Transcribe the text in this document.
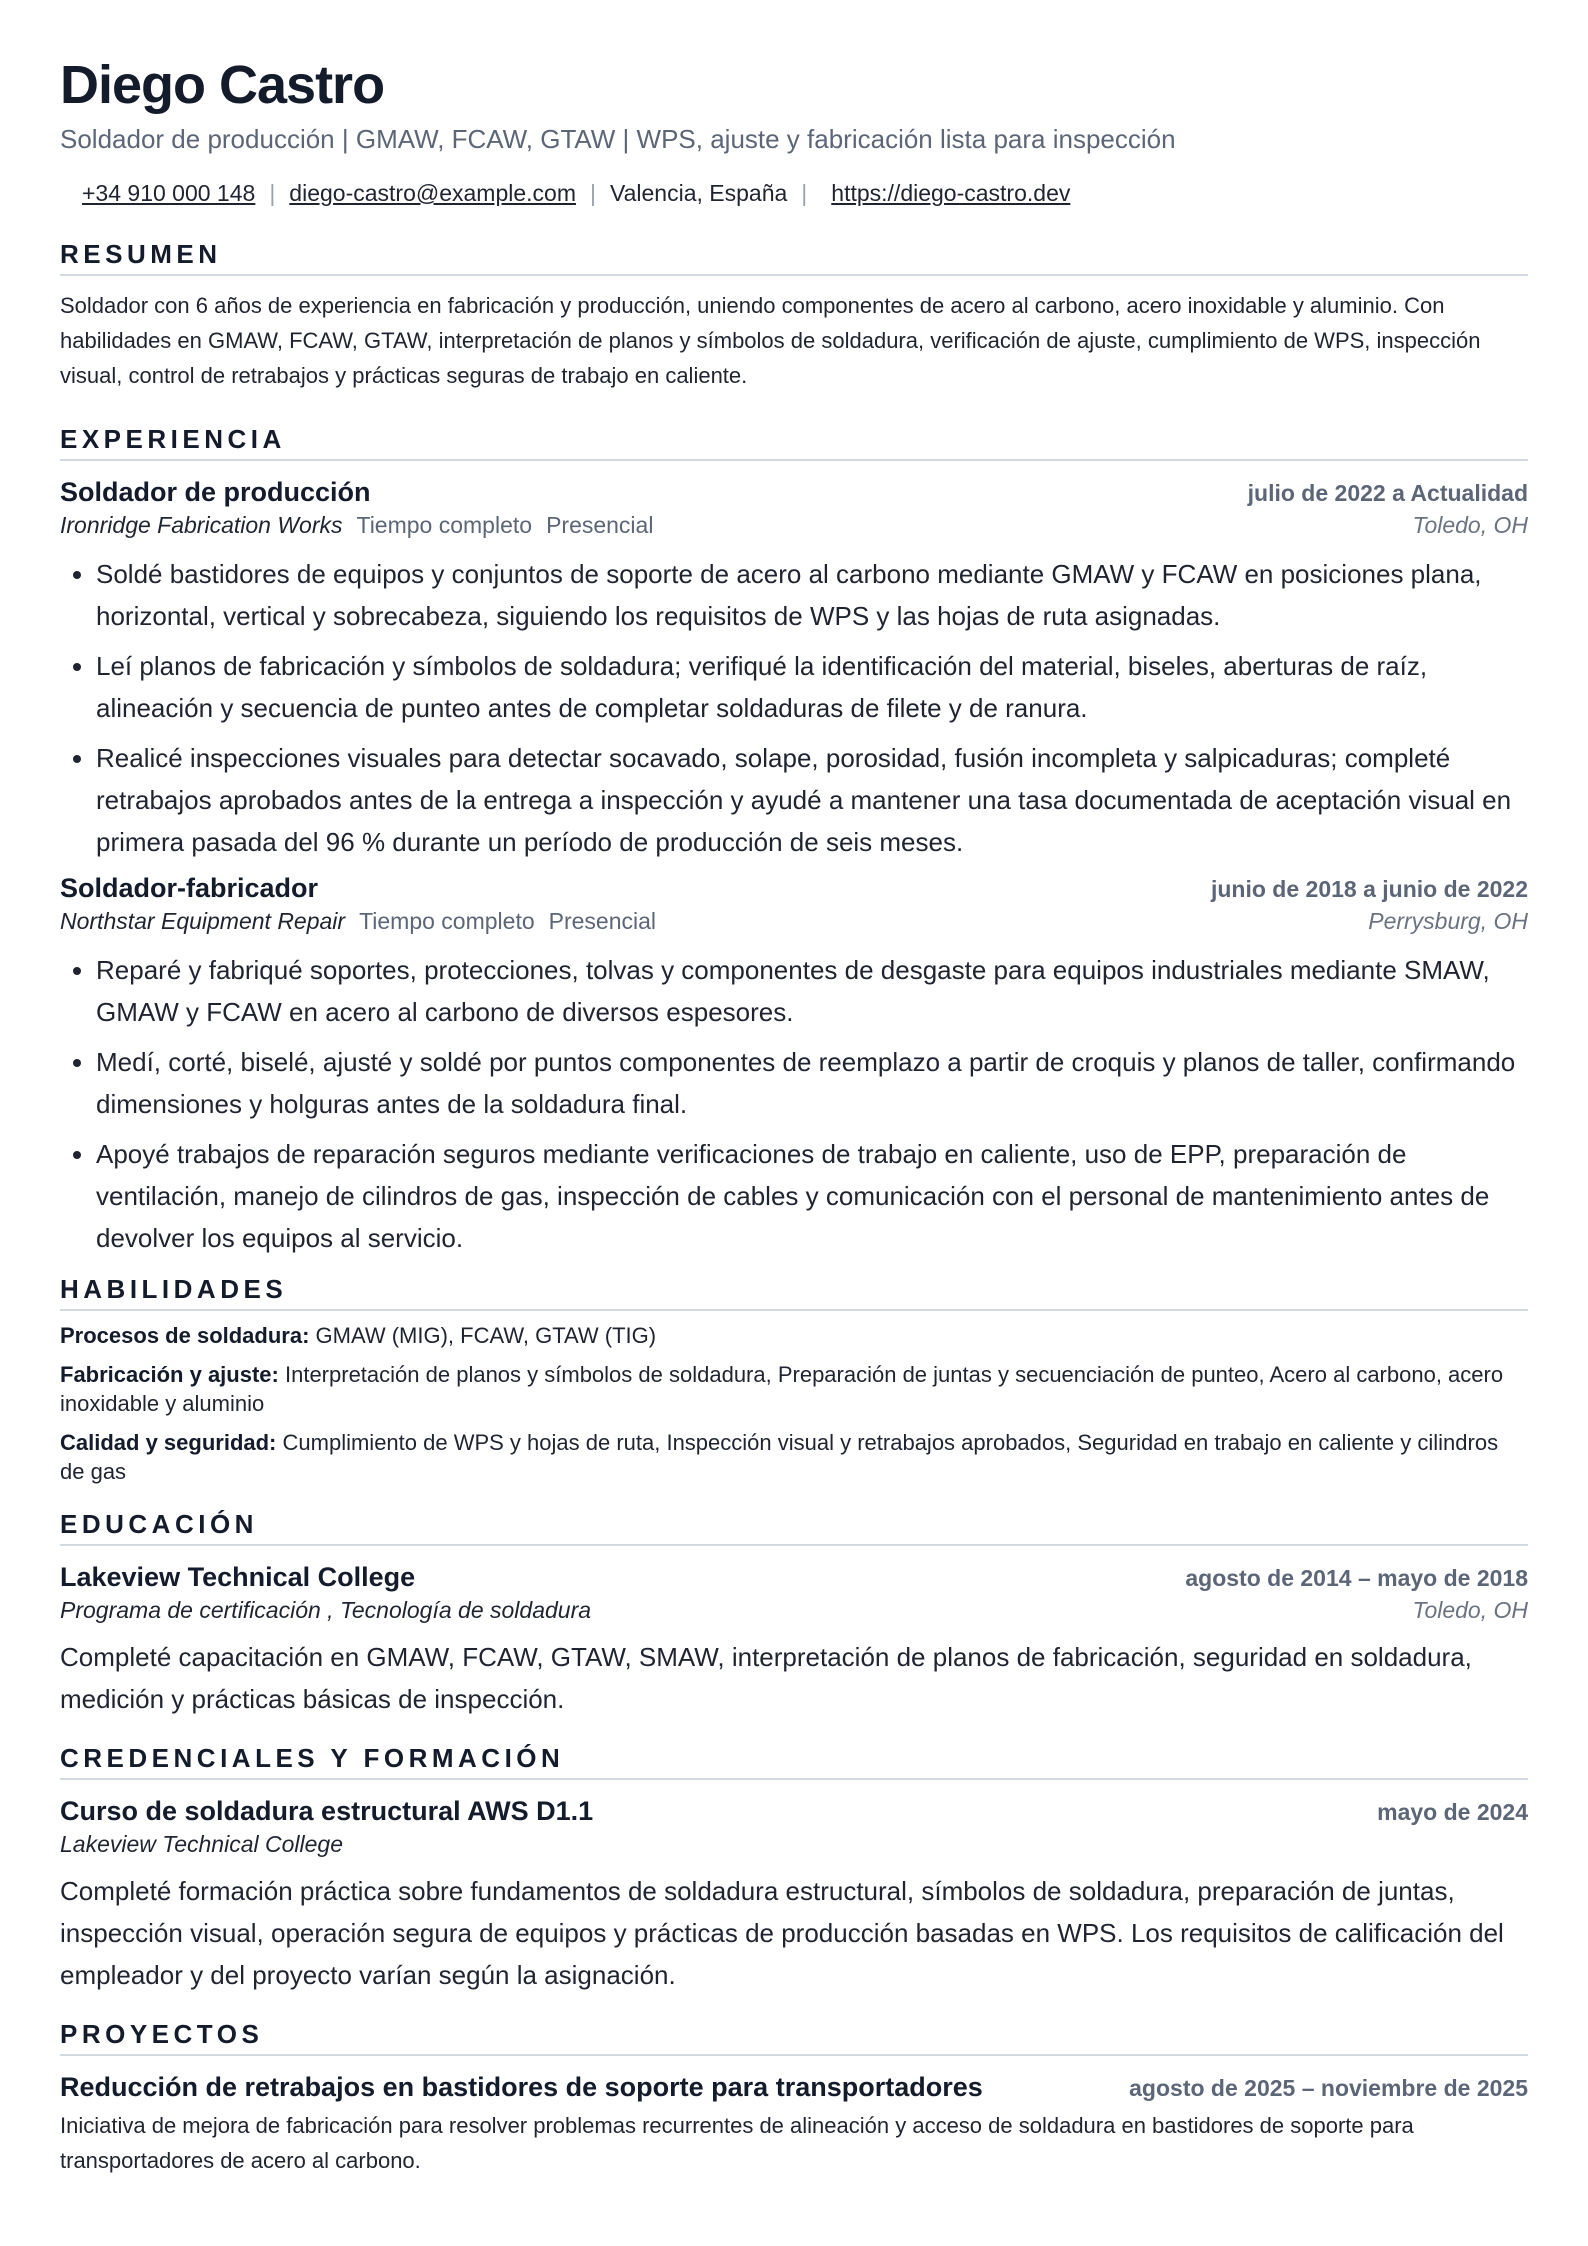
Diego Castro
Soldador de producción | GMAW, FCAW, GTAW | WPS, ajuste y fabricación lista para inspección
+34 910 000 148 | diego-castro@example.com | Valencia, España | https://diego-castro.dev
RESUMEN
Soldador con 6 años de experiencia en fabricación y producción, uniendo componentes de acero al carbono, acero inoxidable y aluminio. Con habilidades en GMAW, FCAW, GTAW, interpretación de planos y símbolos de soldadura, verificación de ajuste, cumplimiento de WPS, inspección visual, control de retrabajos y prácticas seguras de trabajo en caliente.
EXPERIENCIA
Soldador de producción	julio de 2022 a Actualidad
Ironridge Fabrication Works Tiempo completo Presencial	Toledo, OH
• Soldé bastidores de equipos y conjuntos de soporte de acero al carbono mediante GMAW y FCAW en posiciones plana, horizontal, vertical y sobrecabeza, siguiendo los requisitos de WPS y las hojas de ruta asignadas.
• Leí planos de fabricación y símbolos de soldadura; verifiqué la identificación del material, biseles, aberturas de raíz, alineación y secuencia de punteo antes de completar soldaduras de filete y de ranura.
• Realicé inspecciones visuales para detectar socavado, solape, porosidad, fusión incompleta y salpicaduras; completé retrabajos aprobados antes de la entrega a inspección y ayudé a mantener una tasa documentada de aceptación visual en primera pasada del 96 % durante un período de producción de seis meses.
Soldador-fabricador	junio de 2018 a junio de 2022
Northstar Equipment Repair Tiempo completo Presencial	Perrysburg, OH
• Reparé y fabriqué soportes, protecciones, tolvas y componentes de desgaste para equipos industriales mediante SMAW, GMAW y FCAW en acero al carbono de diversos espesores.
• Medí, corté, biselé, ajusté y soldé por puntos componentes de reemplazo a partir de croquis y planos de taller, confirmando dimensiones y holguras antes de la soldadura final.
• Apoyé trabajos de reparación seguros mediante verificaciones de trabajo en caliente, uso de EPP, preparación de ventilación, manejo de cilindros de gas, inspección de cables y comunicación con el personal de mantenimiento antes de devolver los equipos al servicio.
HABILIDADES
Procesos de soldadura: GMAW (MIG), FCAW, GTAW (TIG)
Fabricación y ajuste: Interpretación de planos y símbolos de soldadura, Preparación de juntas y secuenciación de punteo, Acero al carbono, acero inoxidable y aluminio
Calidad y seguridad: Cumplimiento de WPS y hojas de ruta, Inspección visual y retrabajos aprobados, Seguridad en trabajo en caliente y cilindros de gas
EDUCACIÓN
Lakeview Technical College	agosto de 2014 – mayo de 2018
Programa de certificación , Tecnología de soldadura	Toledo, OH
Completé capacitación en GMAW, FCAW, GTAW, SMAW, interpretación de planos de fabricación, seguridad en soldadura, medición y prácticas básicas de inspección.
CREDENCIALES Y FORMACIÓN
Curso de soldadura estructural AWS D1.1	mayo de 2024
Lakeview Technical College
Completé formación práctica sobre fundamentos de soldadura estructural, símbolos de soldadura, preparación de juntas, inspección visual, operación segura de equipos y prácticas de producción basadas en WPS. Los requisitos de calificación del empleador y del proyecto varían según la asignación.
PROYECTOS
Reducción de retrabajos en bastidores de soporte para transportadores	agosto de 2025 – noviembre de 2025
Iniciativa de mejora de fabricación para resolver problemas recurrentes de alineación y acceso de soldadura en bastidores de soporte para transportadores de acero al carbono.
